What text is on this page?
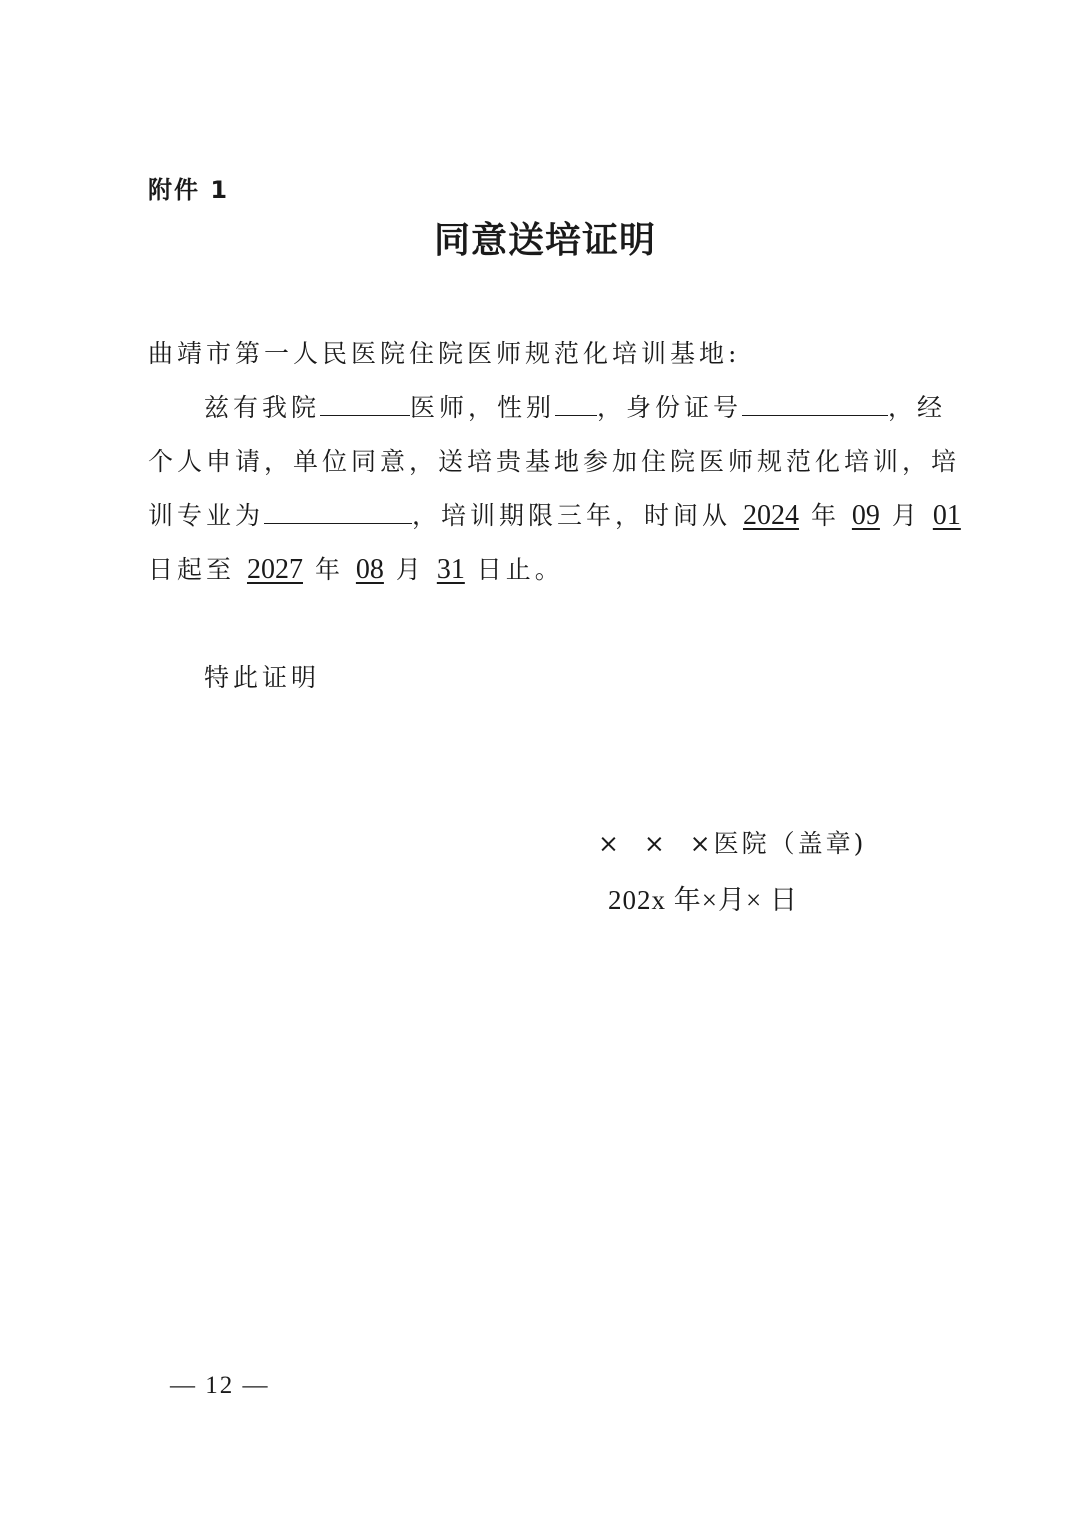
附件 1
同意送培证明
曲靖市第一人民医院住院医师规范化培训基地:
兹有我院	医师，性别 ，身份证号	，经
个人申请，单位同意，送培贵基地参加住院医师规范化培训，培
训专业为	，培训期限三年，时间从 2024 年 09 月 01
日起至 2027 年 08 月 31 日止。
特此证明
×  ×  ×医院（盖章)
202x 年×月× 日
— 12 —
